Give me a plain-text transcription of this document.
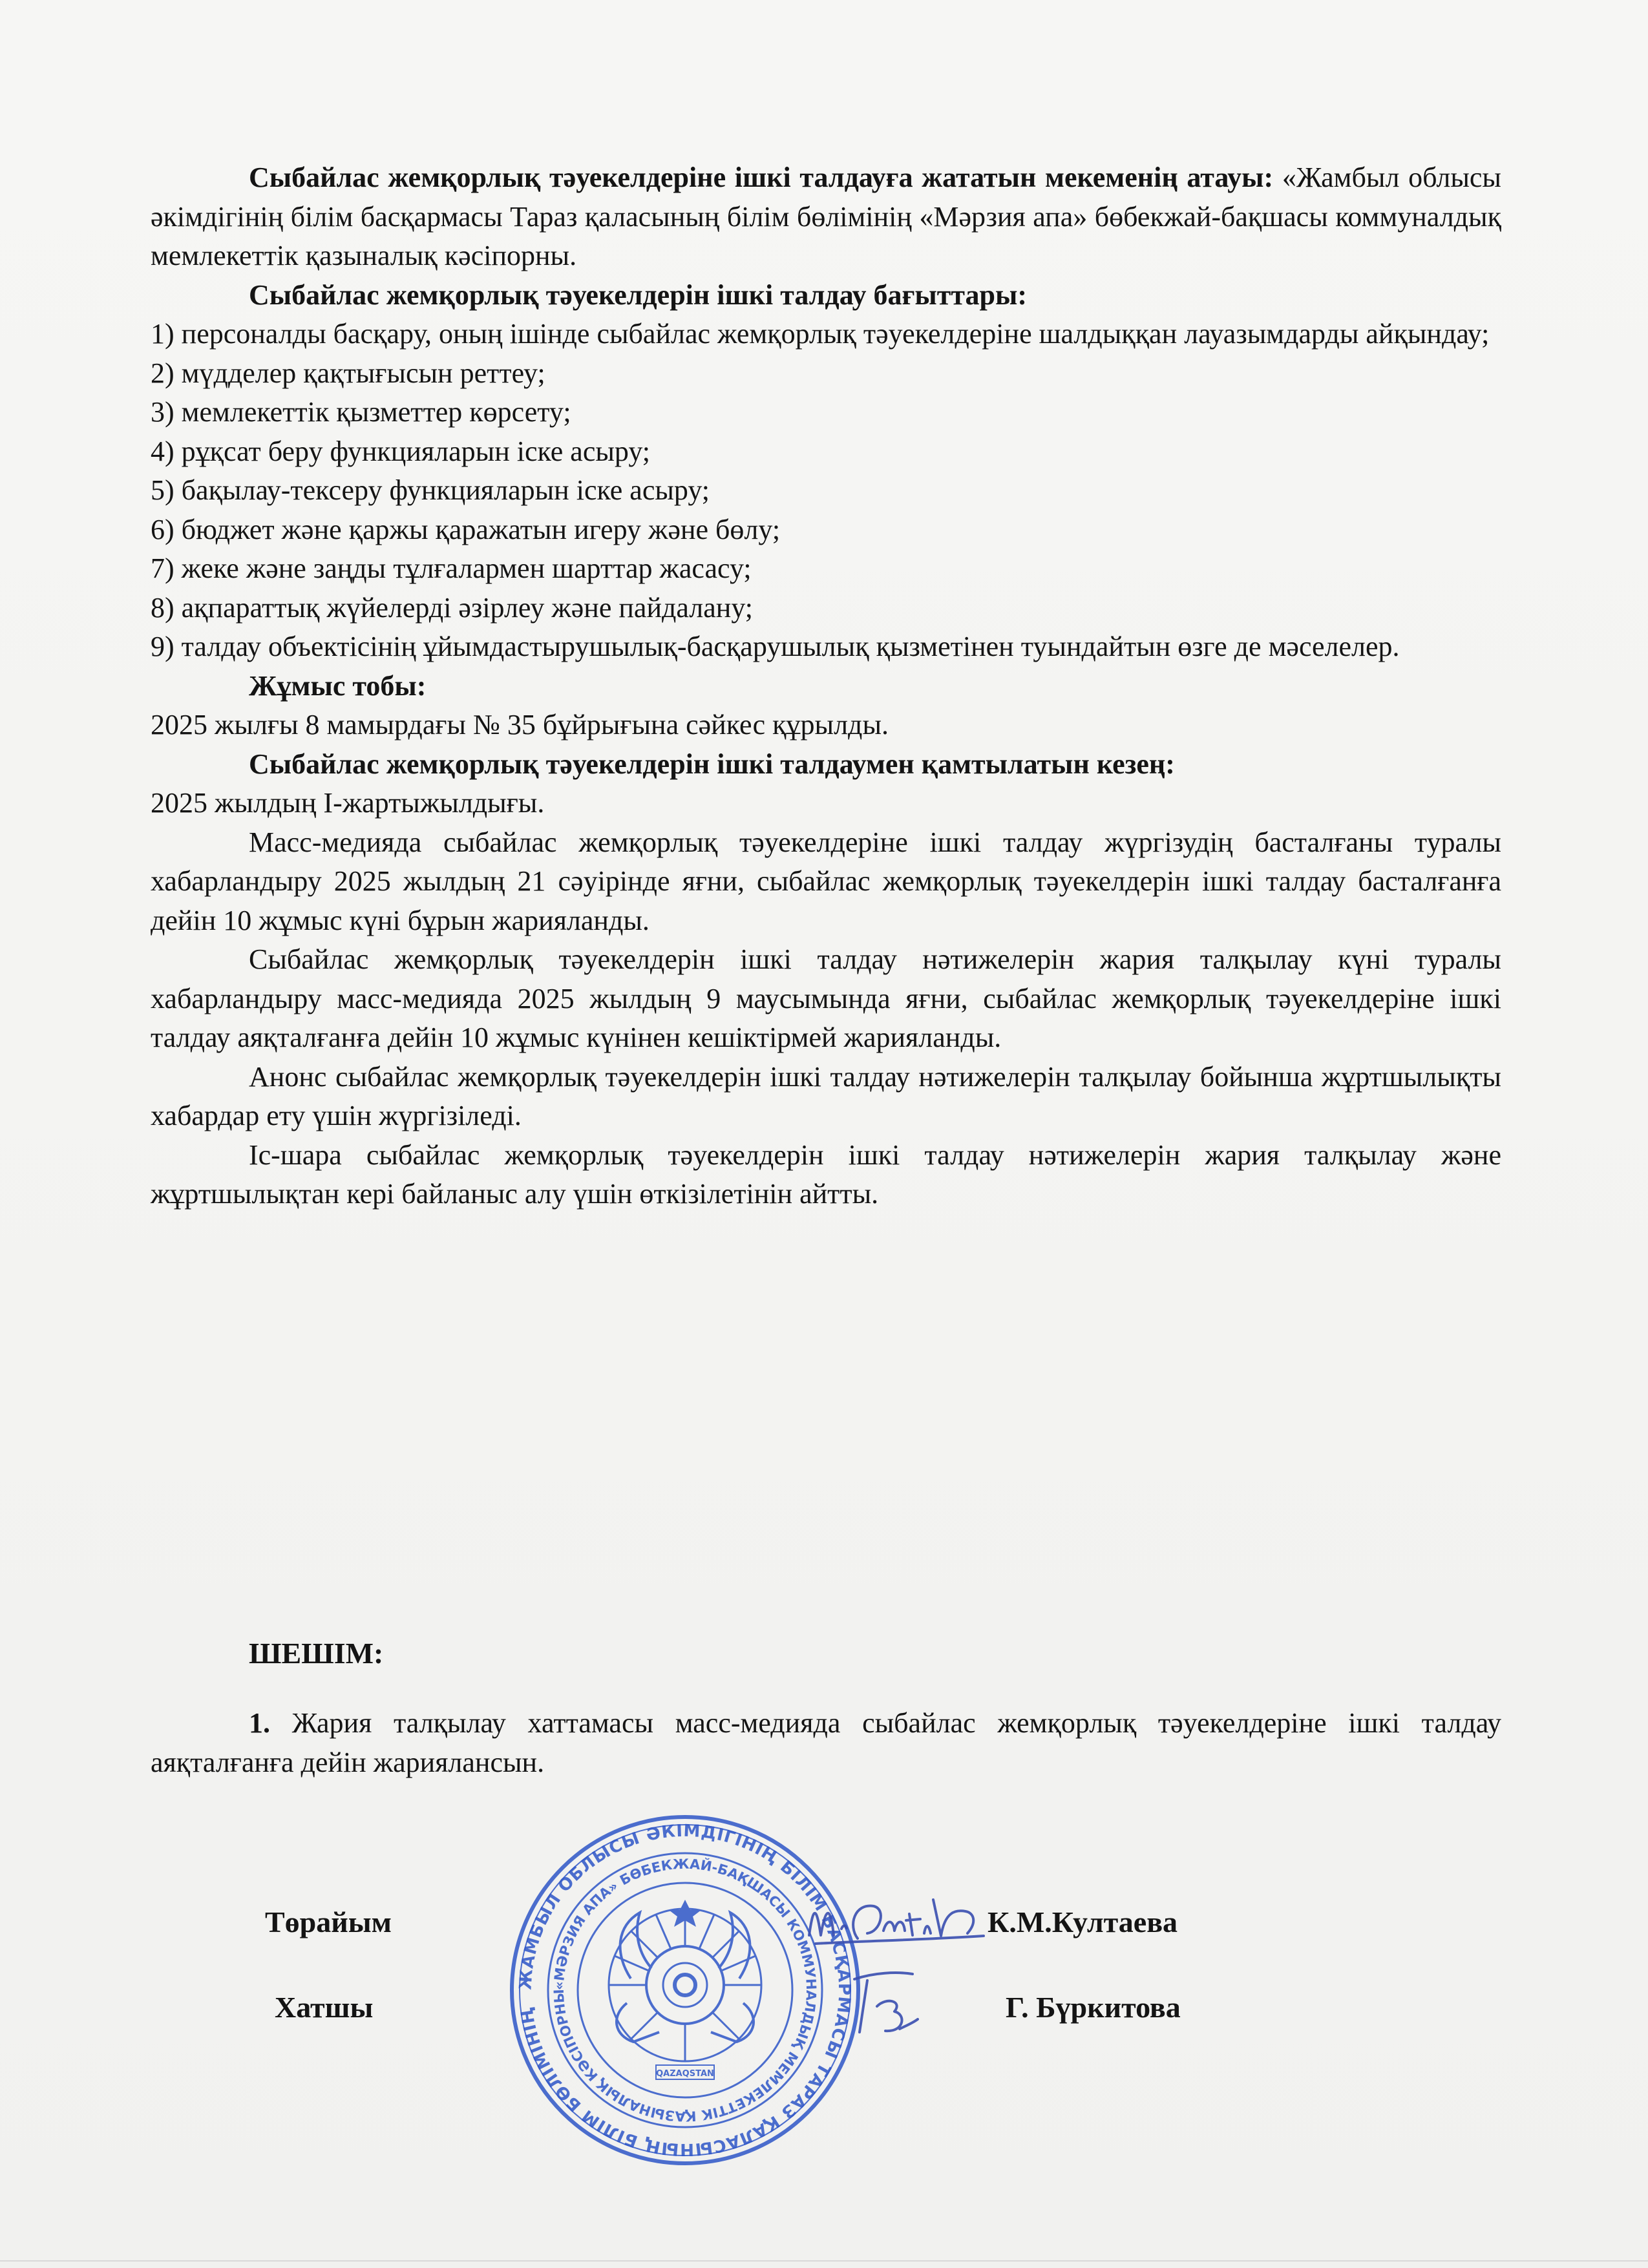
Сыбайлас жемқорлық тәуекелдеріне ішкі талдауға жататын мекеменің атауы: «Жамбыл облысы әкімдігінің білім басқармасы Тараз қаласының білім бөлімінің «Мәрзия апа» бөбекжай-бақшасы коммуналдық мемлекеттік қазыналық кәсіпорны.

Сыбайлас жемқорлық тәуекелдерін ішкі талдау бағыттары:

1) персоналды басқару, оның ішінде сыбайлас жемқорлық тәуекелдеріне шалдыққан лауазымдарды айқындау;

2) мүдделер қақтығысын реттеу;

3) мемлекеттік қызметтер көрсету;

4) рұқсат беру функцияларын іске асыру;

5) бақылау-тексеру функцияларын іске асыру;

6) бюджет және қаржы қаражатын игеру және бөлу;

7) жеке және заңды тұлғалармен шарттар жасасу;

8) ақпараттық жүйелерді әзірлеу және пайдалану;

9) талдау объектісінің ұйымдастырушылық-басқарушылық қызметінен туындайтын өзге де мәселелер.

Жұмыс тобы:

2025 жылғы 8 мамырдағы № 35 бұйрығына сәйкес құрылды.

Сыбайлас жемқорлық тәуекелдерін ішкі талдаумен қамтылатын кезең:

2025 жылдың І-жартыжылдығы.

Масс-медияда сыбайлас жемқорлық тәуекелдеріне ішкі талдау жүргізудің басталғаны туралы хабарландыру 2025 жылдың 21 сәуірінде яғни, сыбайлас жемқорлық тәуекелдерін ішкі талдау басталғанға дейін 10 жұмыс күні бұрын жарияланды.

Сыбайлас жемқорлық тәуекелдерін ішкі талдау нәтижелерін жария талқылау күні туралы хабарландыру масс-медияда 2025 жылдың 9 маусымында яғни, сыбайлас жемқорлық тәуекелдеріне ішкі талдау аяқталғанға дейін 10 жұмыс күнінен кешіктірмей жарияланды.

Анонс сыбайлас жемқорлық тәуекелдерін ішкі талдау нәтижелерін талқылау бойынша жұртшылықты хабардар ету үшін жүргізіледі.

Іс-шара сыбайлас жемқорлық тәуекелдерін ішкі талдау нәтижелерін жария талқылау және жұртшылықтан кері байланыс алу үшін өткізілетінін айтты.

ШЕШІМ:

1. Жария талқылау хаттамасы масс-медияда сыбайлас жемқорлық тәуекелдеріне ішкі талдау аяқталғанға дейін жариялансын.

ЖАМБЫЛ ОБЛЫСЫ ӘКІМДІГІНІҢ БІЛІМ БАСҚАРМАСЫ ТАРАЗ ҚАЛАСЫНЫҢ БІЛІМ БӨЛІМІНІҢ
«МӘРЗИЯ АПА» БӨБЕКЖАЙ-БАҚШАСЫ КОММУНАЛДЫҚ МЕМЛЕКЕТТІК ҚАЗЫНАЛЫҚ КӘСІПОРНЫ
QAZAQSTAN

Төрайым	К.М.Култаева

Хатшы	Г. Бүркитова
